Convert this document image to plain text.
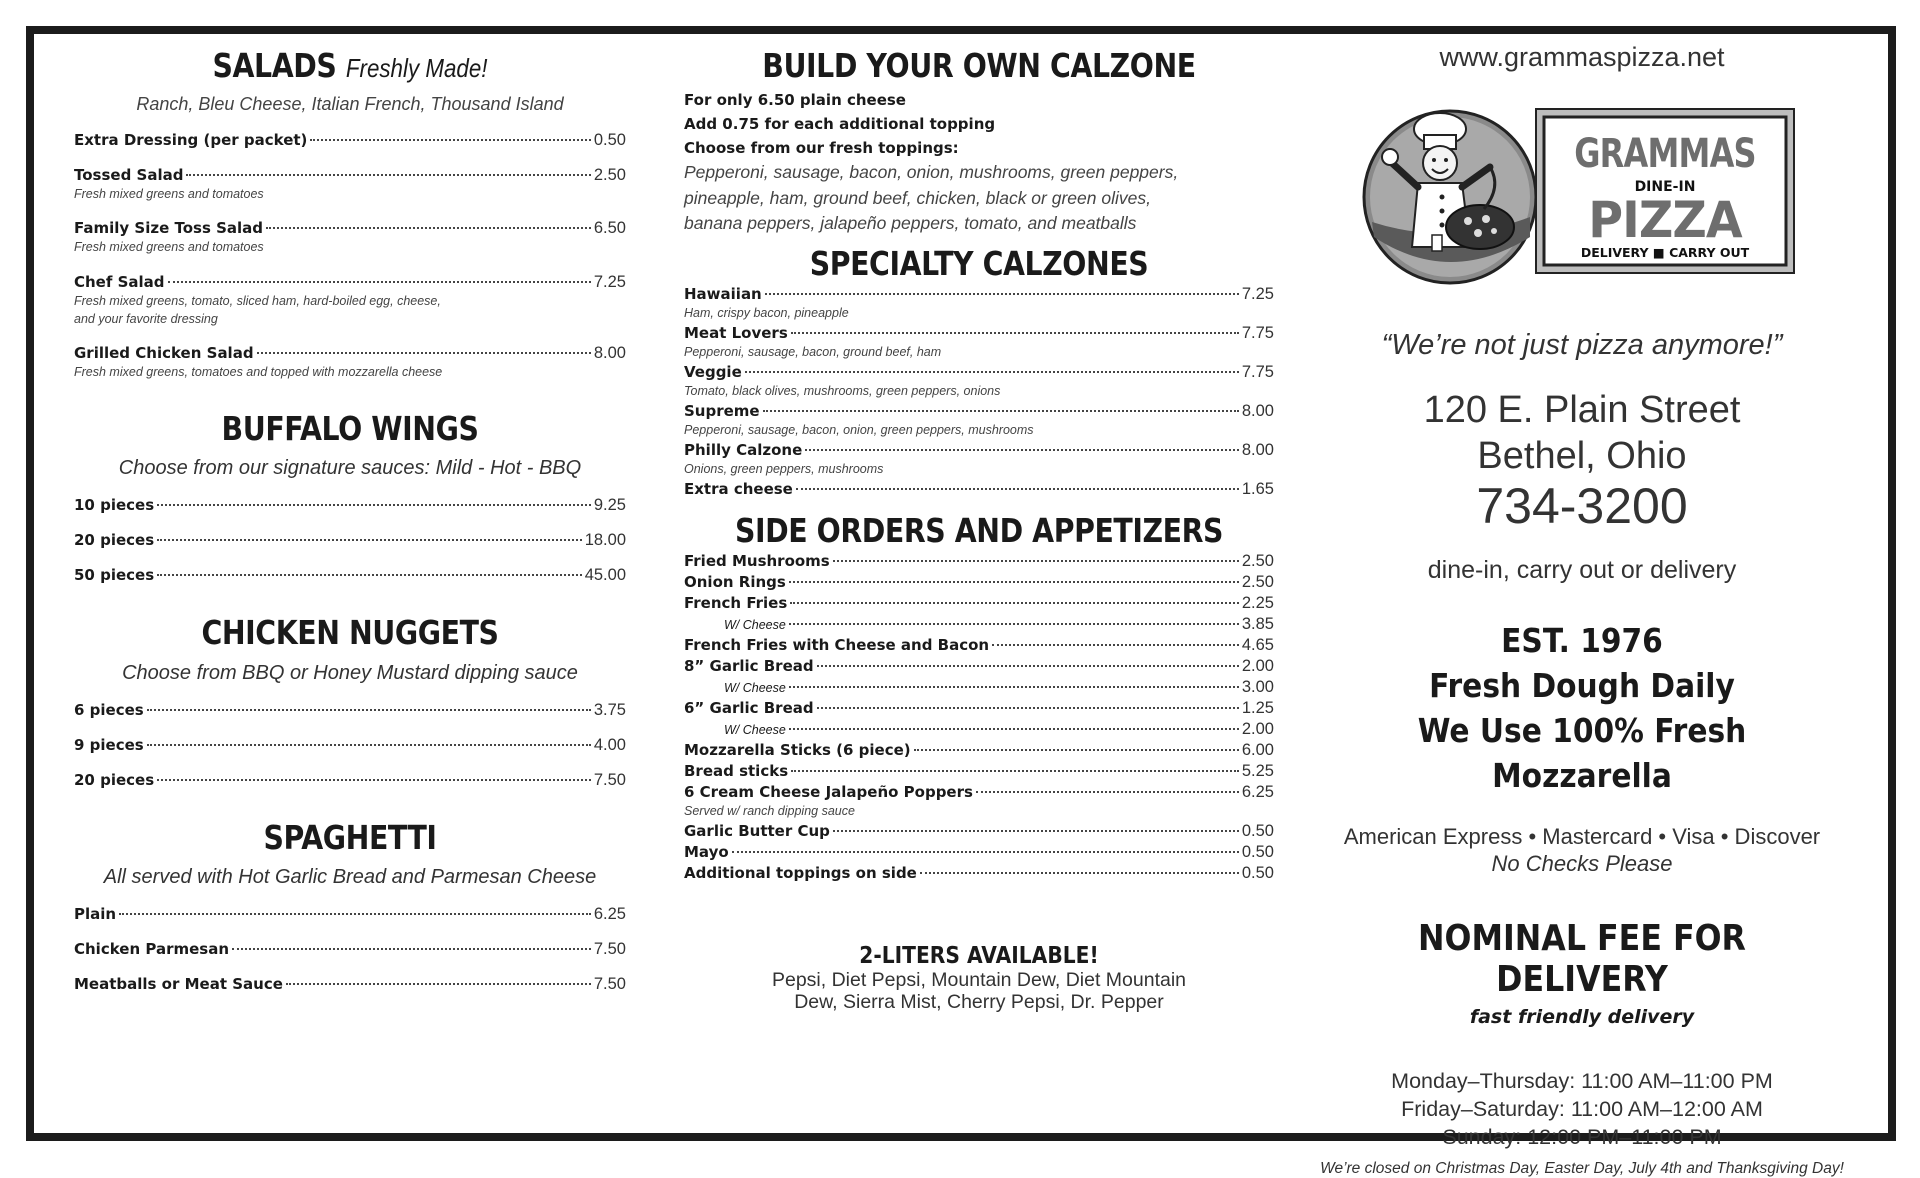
SALADS Freshly Made!
Ranch, Bleu Cheese, Italian French, Thousand Island
Extra Dressing (per packet)	0.50
Tossed Salad	2.50
Fresh mixed greens and tomatoes
Family Size Toss Salad	6.50
Fresh mixed greens and tomatoes
Chef Salad	7.25
Fresh mixed greens, tomato, sliced ham, hard-boiled egg, cheese,
and your favorite dressing
Grilled Chicken Salad	8.00
Fresh mixed greens, tomatoes and topped with mozzarella cheese
BUFFALO WINGS
Choose from our signature sauces: Mild - Hot - BBQ
10 pieces	9.25
20 pieces	18.00
50 pieces	45.00
CHICKEN NUGGETS
Choose from BBQ or Honey Mustard dipping sauce
6 pieces	3.75
9 pieces	4.00
20 pieces	7.50
SPAGHETTI
All served with Hot Garlic Bread and Parmesan Cheese
Plain	6.25
Chicken Parmesan	7.50
Meatballs or Meat Sauce	7.50
BUILD YOUR OWN CALZONE
For only 6.50 plain cheese
Add 0.75 for each additional topping
Choose from our fresh toppings:
Pepperoni, sausage, bacon, onion, mushrooms, green peppers,
pineapple, ham, ground beef, chicken, black or green olives,
banana peppers, jalapeño peppers, tomato, and meatballs
SPECIALTY CALZONES
Hawaiian	7.25
Ham, crispy bacon, pineapple
Meat Lovers	7.75
Pepperoni, sausage, bacon, ground beef, ham
Veggie	7.75
Tomato, black olives, mushrooms, green peppers, onions
Supreme	8.00
Pepperoni, sausage, bacon, onion, green peppers, mushrooms
Philly Calzone	8.00
Onions, green peppers, mushrooms
Extra cheese	1.65
SIDE ORDERS AND APPETIZERS
Fried Mushrooms	2.50
Onion Rings	2.50
French Fries	2.25
W/ Cheese	3.85
French Fries with Cheese and Bacon	4.65
8” Garlic Bread	2.00
W/ Cheese	3.00
6” Garlic Bread	1.25
W/ Cheese	2.00
Mozzarella Sticks (6 piece)	6.00
Bread sticks	5.25
6 Cream Cheese Jalapeño Poppers	6.25
Served w/ ranch dipping sauce
Garlic Butter Cup	0.50
Mayo	0.50
Additional toppings on side	0.50
2-LITERS AVAILABLE!
Pepsi, Diet Pepsi, Mountain Dew, Diet Mountain
Dew, Sierra Mist, Cherry Pepsi, Dr. Pepper
www.grammaspizza.net
GRAMMAS
DINE-IN
PIZZA
DELIVERY ■ CARRY OUT
“We’re not just pizza anymore!”
120 E. Plain Street
Bethel, Ohio
734-3200
dine-in, carry out or delivery
EST. 1976
Fresh Dough Daily
We Use 100% Fresh Mozzarella
American Express • Mastercard • Visa • Discover
No Checks Please
NOMINAL FEE FOR DELIVERY
fast friendly delivery
Monday–Thursday: 11:00 AM–11:00 PM
Friday–Saturday: 11:00 AM–12:00 AM
Sunday: 12:00 PM–11:00 PM
We’re closed on Christmas Day, Easter Day, July 4th and Thanksgiving Day!
